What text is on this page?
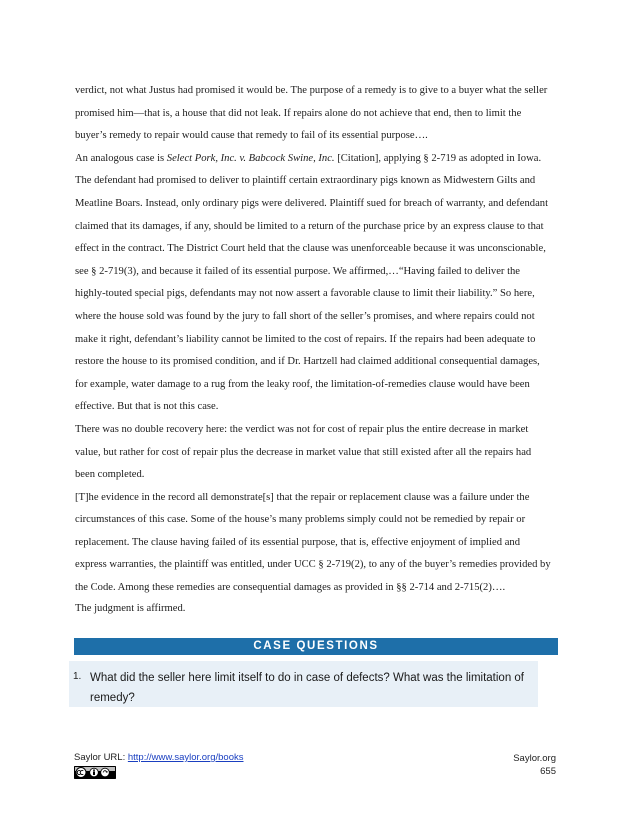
verdict, not what Justus had promised it would be. The purpose of a remedy is to give to a buyer what the seller promised him—that is, a house that did not leak. If repairs alone do not achieve that end, then to limit the buyer’s remedy to repair would cause that remedy to fail of its essential purpose….

An analogous case is Select Pork, Inc. v. Babcock Swine, Inc. [Citation], applying § 2-719 as adopted in Iowa. The defendant had promised to deliver to plaintiff certain extraordinary pigs known as Midwestern Gilts and Meatline Boars. Instead, only ordinary pigs were delivered. Plaintiff sued for breach of warranty, and defendant claimed that its damages, if any, should be limited to a return of the purchase price by an express clause to that effect in the contract. The District Court held that the clause was unenforceable because it was unconscionable, see § 2-719(3), and because it failed of its essential purpose. We affirmed,…“Having failed to deliver the highly-touted special pigs, defendants may not now assert a favorable clause to limit their liability.” So here, where the house sold was found by the jury to fall short of the seller’s promises, and where repairs could not make it right, defendant’s liability cannot be limited to the cost of repairs. If the repairs had been adequate to restore the house to its promised condition, and if Dr. Hartzell had claimed additional consequential damages, for example, water damage to a rug from the leaky roof, the limitation-of-remedies clause would have been effective. But that is not this case.

There was no double recovery here: the verdict was not for cost of repair plus the entire decrease in market value, but rather for cost of repair plus the decrease in market value that still existed after all the repairs had been completed.

[T]he evidence in the record all demonstrate[s] that the repair or replacement clause was a failure under the circumstances of this case. Some of the house’s many problems simply could not be remedied by repair or replacement. The clause having failed of its essential purpose, that is, effective enjoyment of implied and express warranties, the plaintiff was entitled, under UCC § 2-719(2), to any of the buyer’s remedies provided by the Code. Among these remedies are consequential damages as provided in §§ 2-714 and 2-715(2)….

The judgment is affirmed.

CASE QUESTIONS
1. What did the seller here limit itself to do in case of defects? What was the limitation of remedy?
Saylor URL: http://www.saylor.org/books	Saylor.org
655
